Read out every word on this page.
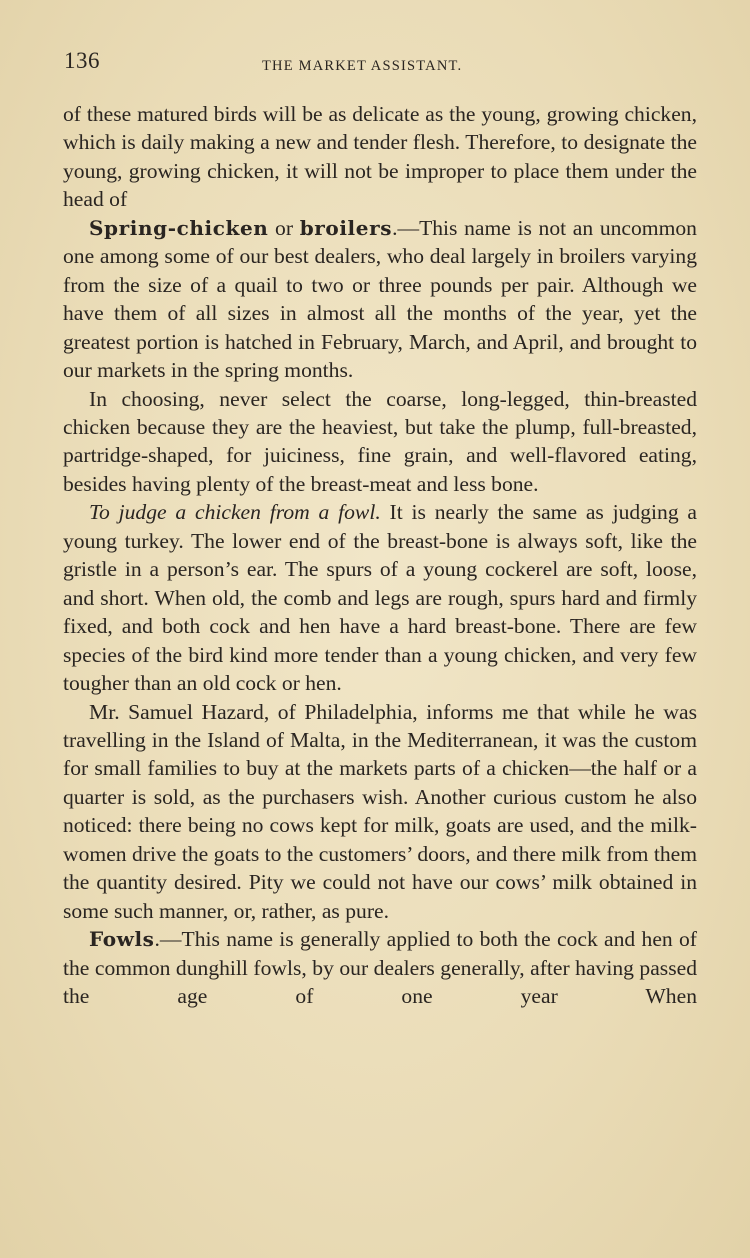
136	THE MARKET ASSISTANT.

of these matured birds will be as delicate as the young, growing chicken, which is daily making a new and tender flesh. Therefore, to designate the young, growing chicken, it will not be improper to place them under the head of

Spring-chicken or broilers.—This name is not an uncommon one among some of our best dealers, who deal largely in broilers varying from the size of a quail to two or three pounds per pair. Although we have them of all sizes in almost all the months of the year, yet the greatest portion is hatched in February, March, and April, and brought to our markets in the spring months.

In choosing, never select the coarse, long-legged, thin-breasted chicken because they are the heaviest, but take the plump, full-breasted, partridge-shaped, for juiciness, fine grain, and well-flavored eating, besides having plenty of the breast-meat and less bone.

To judge a chicken from a fowl. It is nearly the same as judging a young turkey. The lower end of the breast-bone is always soft, like the gristle in a person’s ear. The spurs of a young cockerel are soft, loose, and short. When old, the comb and legs are rough, spurs hard and firmly fixed, and both cock and hen have a hard breast-bone. There are few species of the bird kind more tender than a young chicken, and very few tougher than an old cock or hen.

Mr. Samuel Hazard, of Philadelphia, informs me that while he was travelling in the Island of Malta, in the Mediterranean, it was the custom for small families to buy at the markets parts of a chicken—the half or a quarter is sold, as the purchasers wish. Another curious custom he also noticed: there being no cows kept for milk, goats are used, and the milk-women drive the goats to the customers’ doors, and there milk from them the quantity desired. Pity we could not have our cows’ milk obtained in some such manner, or, rather, as pure.

Fowls.—This name is generally applied to both the cock and hen of the common dunghill fowls, by our dealers generally, after having passed the age of one year When
